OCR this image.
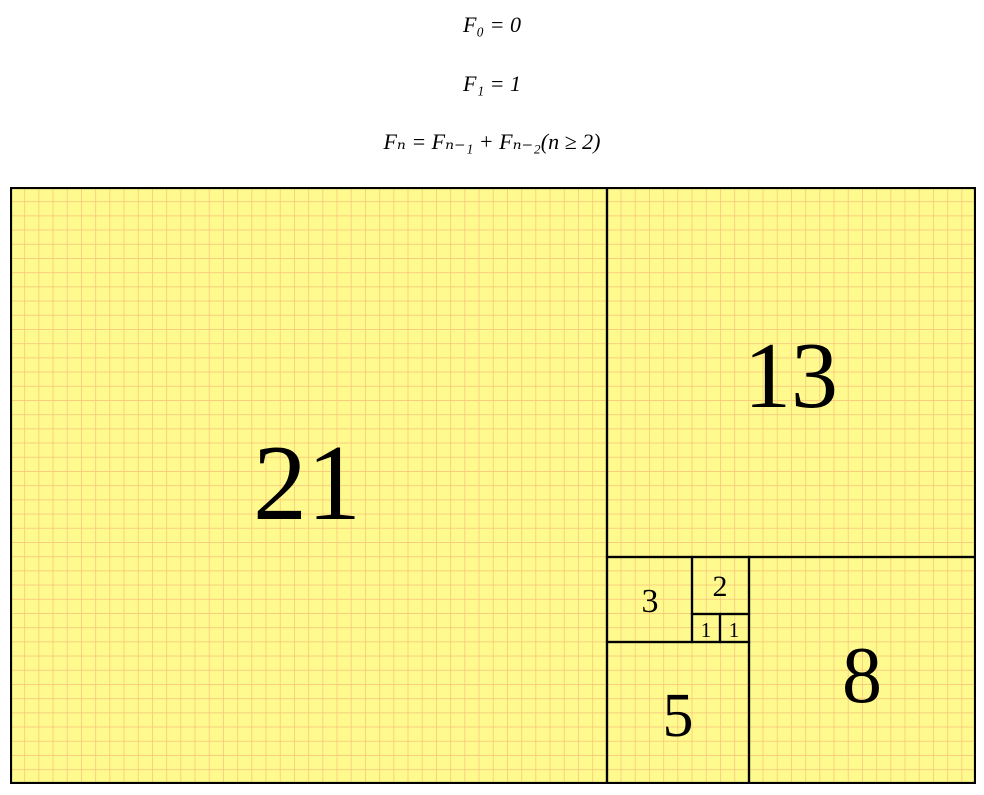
F₀ = 0
F₁ = 1
Fₙ = Fₙ₋₁ + Fₙ₋₂(n ≥ 2)
21
13
8
5
3 2
1 1
